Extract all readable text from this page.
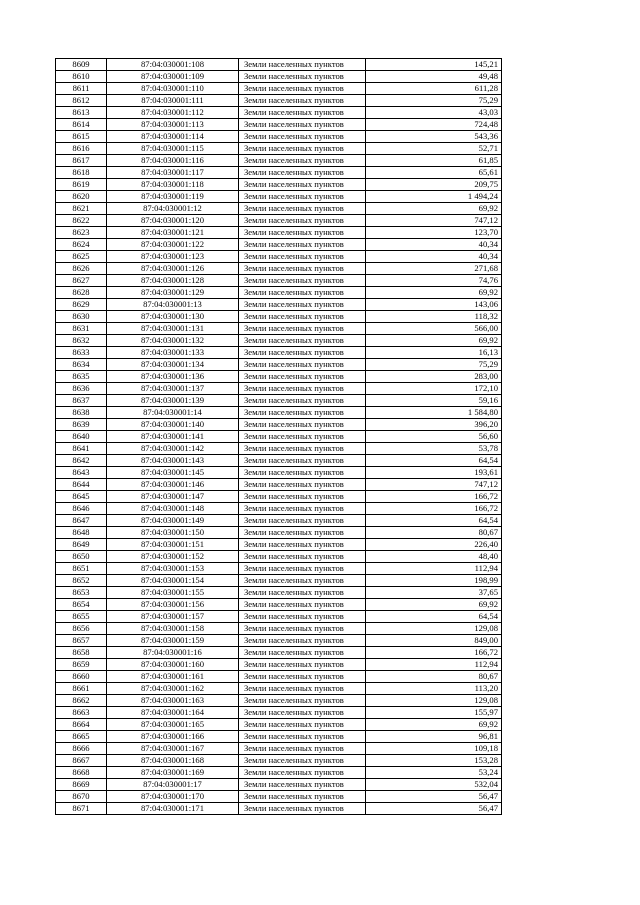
8609	87:04:030001:108	Земли населенных пунктов	145,21
8610	87:04:030001:109	Земли населенных пунктов	49,48
8611	87:04:030001:110	Земли населенных пунктов	611,28
8612	87:04:030001:111	Земли населенных пунктов	75,29
8613	87:04:030001:112	Земли населенных пунктов	43,03
8614	87:04:030001:113	Земли населенных пунктов	724,48
8615	87:04:030001:114	Земли населенных пунктов	543,36
8616	87:04:030001:115	Земли населенных пунктов	52,71
8617	87:04:030001:116	Земли населенных пунктов	61,85
8618	87:04:030001:117	Земли населенных пунктов	65,61
8619	87:04:030001:118	Земли населенных пунктов	209,75
8620	87:04:030001:119	Земли населенных пунктов	1 494,24
8621	87:04:030001:12	Земли населенных пунктов	69,92
8622	87:04:030001:120	Земли населенных пунктов	747,12
8623	87:04:030001:121	Земли населенных пунктов	123,70
8624	87:04:030001:122	Земли населенных пунктов	40,34
8625	87:04:030001:123	Земли населенных пунктов	40,34
8626	87:04:030001:126	Земли населенных пунктов	271,68
8627	87:04:030001:128	Земли населенных пунктов	74,76
8628	87:04:030001:129	Земли населенных пунктов	69,92
8629	87:04:030001:13	Земли населенных пунктов	143,06
8630	87:04:030001:130	Земли населенных пунктов	118,32
8631	87:04:030001:131	Земли населенных пунктов	566,00
8632	87:04:030001:132	Земли населенных пунктов	69,92
8633	87:04:030001:133	Земли населенных пунктов	16,13
8634	87:04:030001:134	Земли населенных пунктов	75,29
8635	87:04:030001:136	Земли населенных пунктов	283,00
8636	87:04:030001:137	Земли населенных пунктов	172,10
8637	87:04:030001:139	Земли населенных пунктов	59,16
8638	87:04:030001:14	Земли населенных пунктов	1 584,80
8639	87:04:030001:140	Земли населенных пунктов	396,20
8640	87:04:030001:141	Земли населенных пунктов	56,60
8641	87:04:030001:142	Земли населенных пунктов	53,78
8642	87:04:030001:143	Земли населенных пунктов	64,54
8643	87:04:030001:145	Земли населенных пунктов	193,61
8644	87:04:030001:146	Земли населенных пунктов	747,12
8645	87:04:030001:147	Земли населенных пунктов	166,72
8646	87:04:030001:148	Земли населенных пунктов	166,72
8647	87:04:030001:149	Земли населенных пунктов	64,54
8648	87:04:030001:150	Земли населенных пунктов	80,67
8649	87:04:030001:151	Земли населенных пунктов	226,40
8650	87:04:030001:152	Земли населенных пунктов	48,40
8651	87:04:030001:153	Земли населенных пунктов	112,94
8652	87:04:030001:154	Земли населенных пунктов	198,99
8653	87:04:030001:155	Земли населенных пунктов	37,65
8654	87:04:030001:156	Земли населенных пунктов	69,92
8655	87:04:030001:157	Земли населенных пунктов	64,54
8656	87:04:030001:158	Земли населенных пунктов	129,08
8657	87:04:030001:159	Земли населенных пунктов	849,00
8658	87:04:030001:16	Земли населенных пунктов	166,72
8659	87:04:030001:160	Земли населенных пунктов	112,94
8660	87:04:030001:161	Земли населенных пунктов	80,67
8661	87:04:030001:162	Земли населенных пунктов	113,20
8662	87:04:030001:163	Земли населенных пунктов	129,08
8663	87:04:030001:164	Земли населенных пунктов	155,97
8664	87:04:030001:165	Земли населенных пунктов	69,92
8665	87:04:030001:166	Земли населенных пунктов	96,81
8666	87:04:030001:167	Земли населенных пунктов	109,18
8667	87:04:030001:168	Земли населенных пунктов	153,28
8668	87:04:030001:169	Земли населенных пунктов	53,24
8669	87:04:030001:17	Земли населенных пунктов	532,04
8670	87:04:030001:170	Земли населенных пунктов	56,47
8671	87:04:030001:171	Земли населенных пунктов	56,47
